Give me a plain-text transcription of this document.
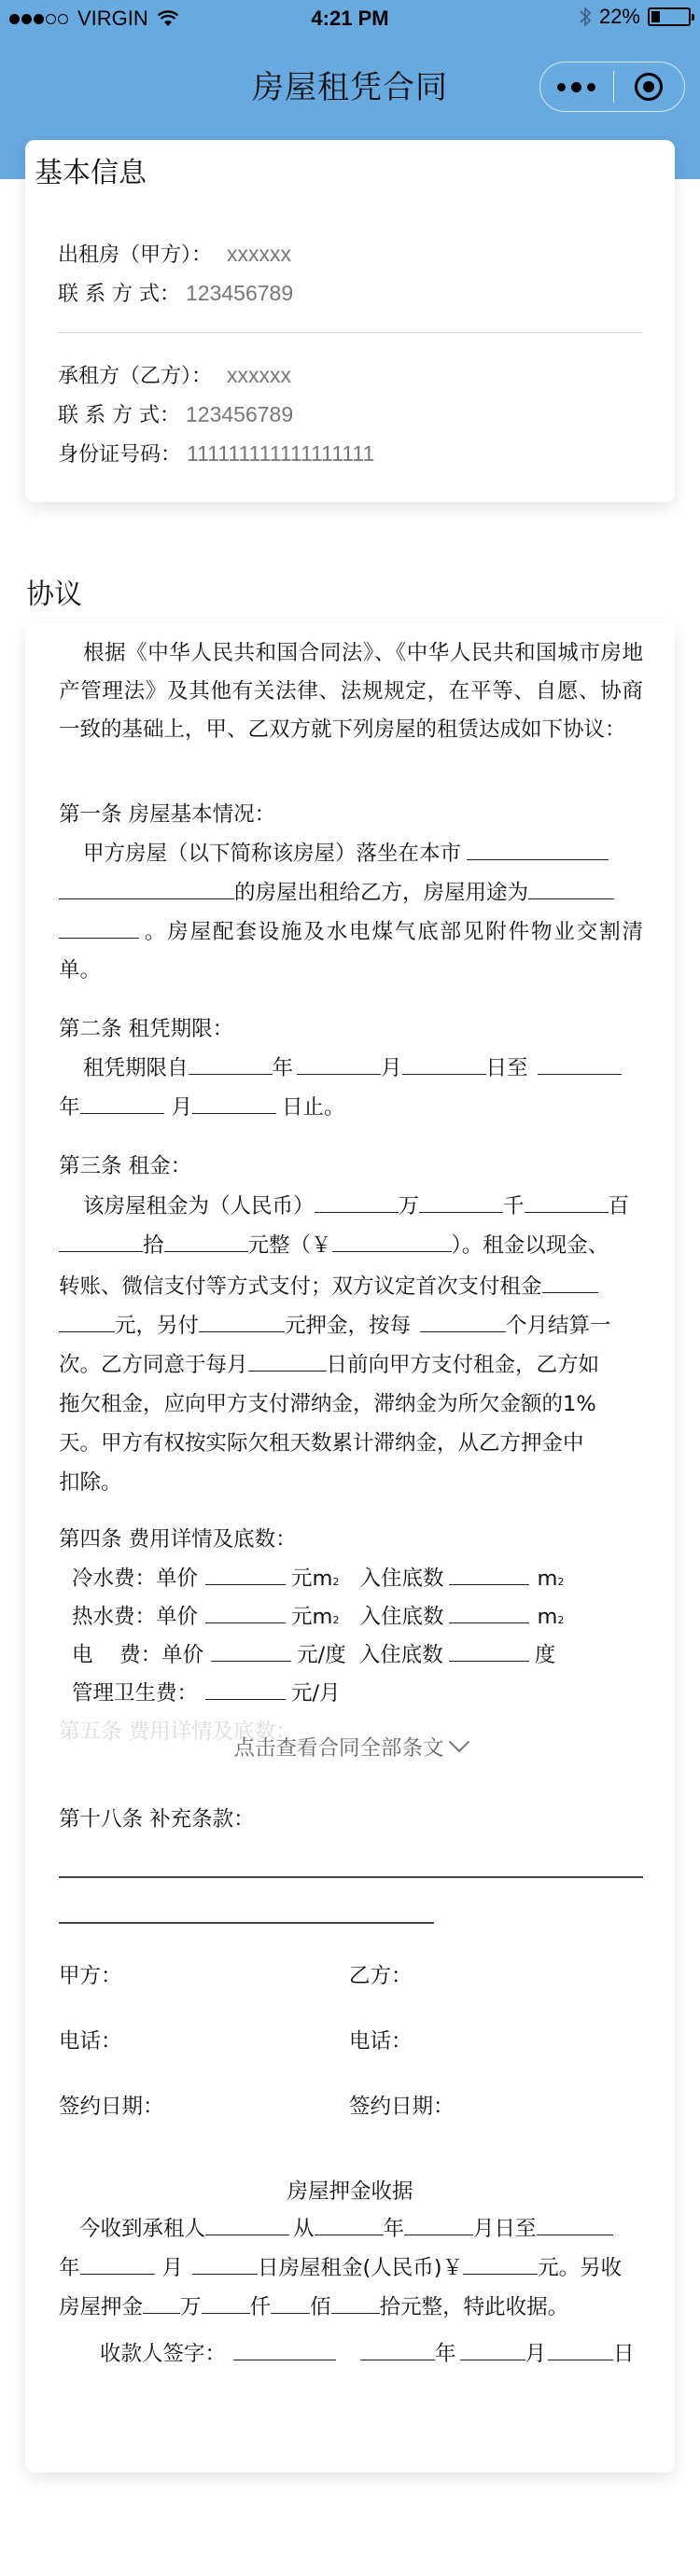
VIRGIN	4:21 PM	22%
房屋租凭合同
基本信息
出租房（甲方）： xxxxxx
联 系 方 式： 123456789
承租方（乙方）： xxxxxx
联 系 方 式： 123456789
身份证号码： 111111111111111111
协议
根据《中华人民共和国合同法》、《中华人民共和国城市房地产管理法》及其他有关法律、法规规定，在平等、自愿、协商一致的基础上，甲、乙双方就下列房屋的租赁达成如下协议：
第一条 房屋基本情况：
甲方房屋（以下简称该房屋）落坐在本市
的房屋出租给乙方，房屋用途为
。房屋配套设施及水电煤气底部见附件物业交割清单。
第二条 租凭期限：
租凭期限自	年	月	日至
年	月	日止。
第三条 租金：
该房屋租金为（人民币）	万	千	百
拾	元整（￥	）。租金以现金、
转账、微信支付等方式支付；双方议定首次支付租金
元，另付	元押金，按每	个月结算一
次。乙方同意于每月	日前向甲方支付租金，乙方如
拖欠租金，应向甲方支付滞纳金，滞纳金为所欠金额的1%
天。甲方有权按实际欠租天数累计滞纳金，从乙方押金中
扣除。
第四条 费用详情及底数：
冷水费：单价	元m 2 入住底数	m 2
热水费：单价	元m 2 入住底数	m 2
电    费：单价	元/度 入住底数	度
管理卫生费：	元/月
第五条 费用详情及底数：
点击查看合同全部条文
第十八条 补充条款：
甲方：	乙方：
电话：	电话：
签约日期：	签约日期：
房屋押金收据
今收到承租人	从	年	月日至
年	月	日房屋租金(人民币)￥	元。另收
房屋押金 万 仟 佰 拾元整，特此收据。
收款人签字：	年	月	日
